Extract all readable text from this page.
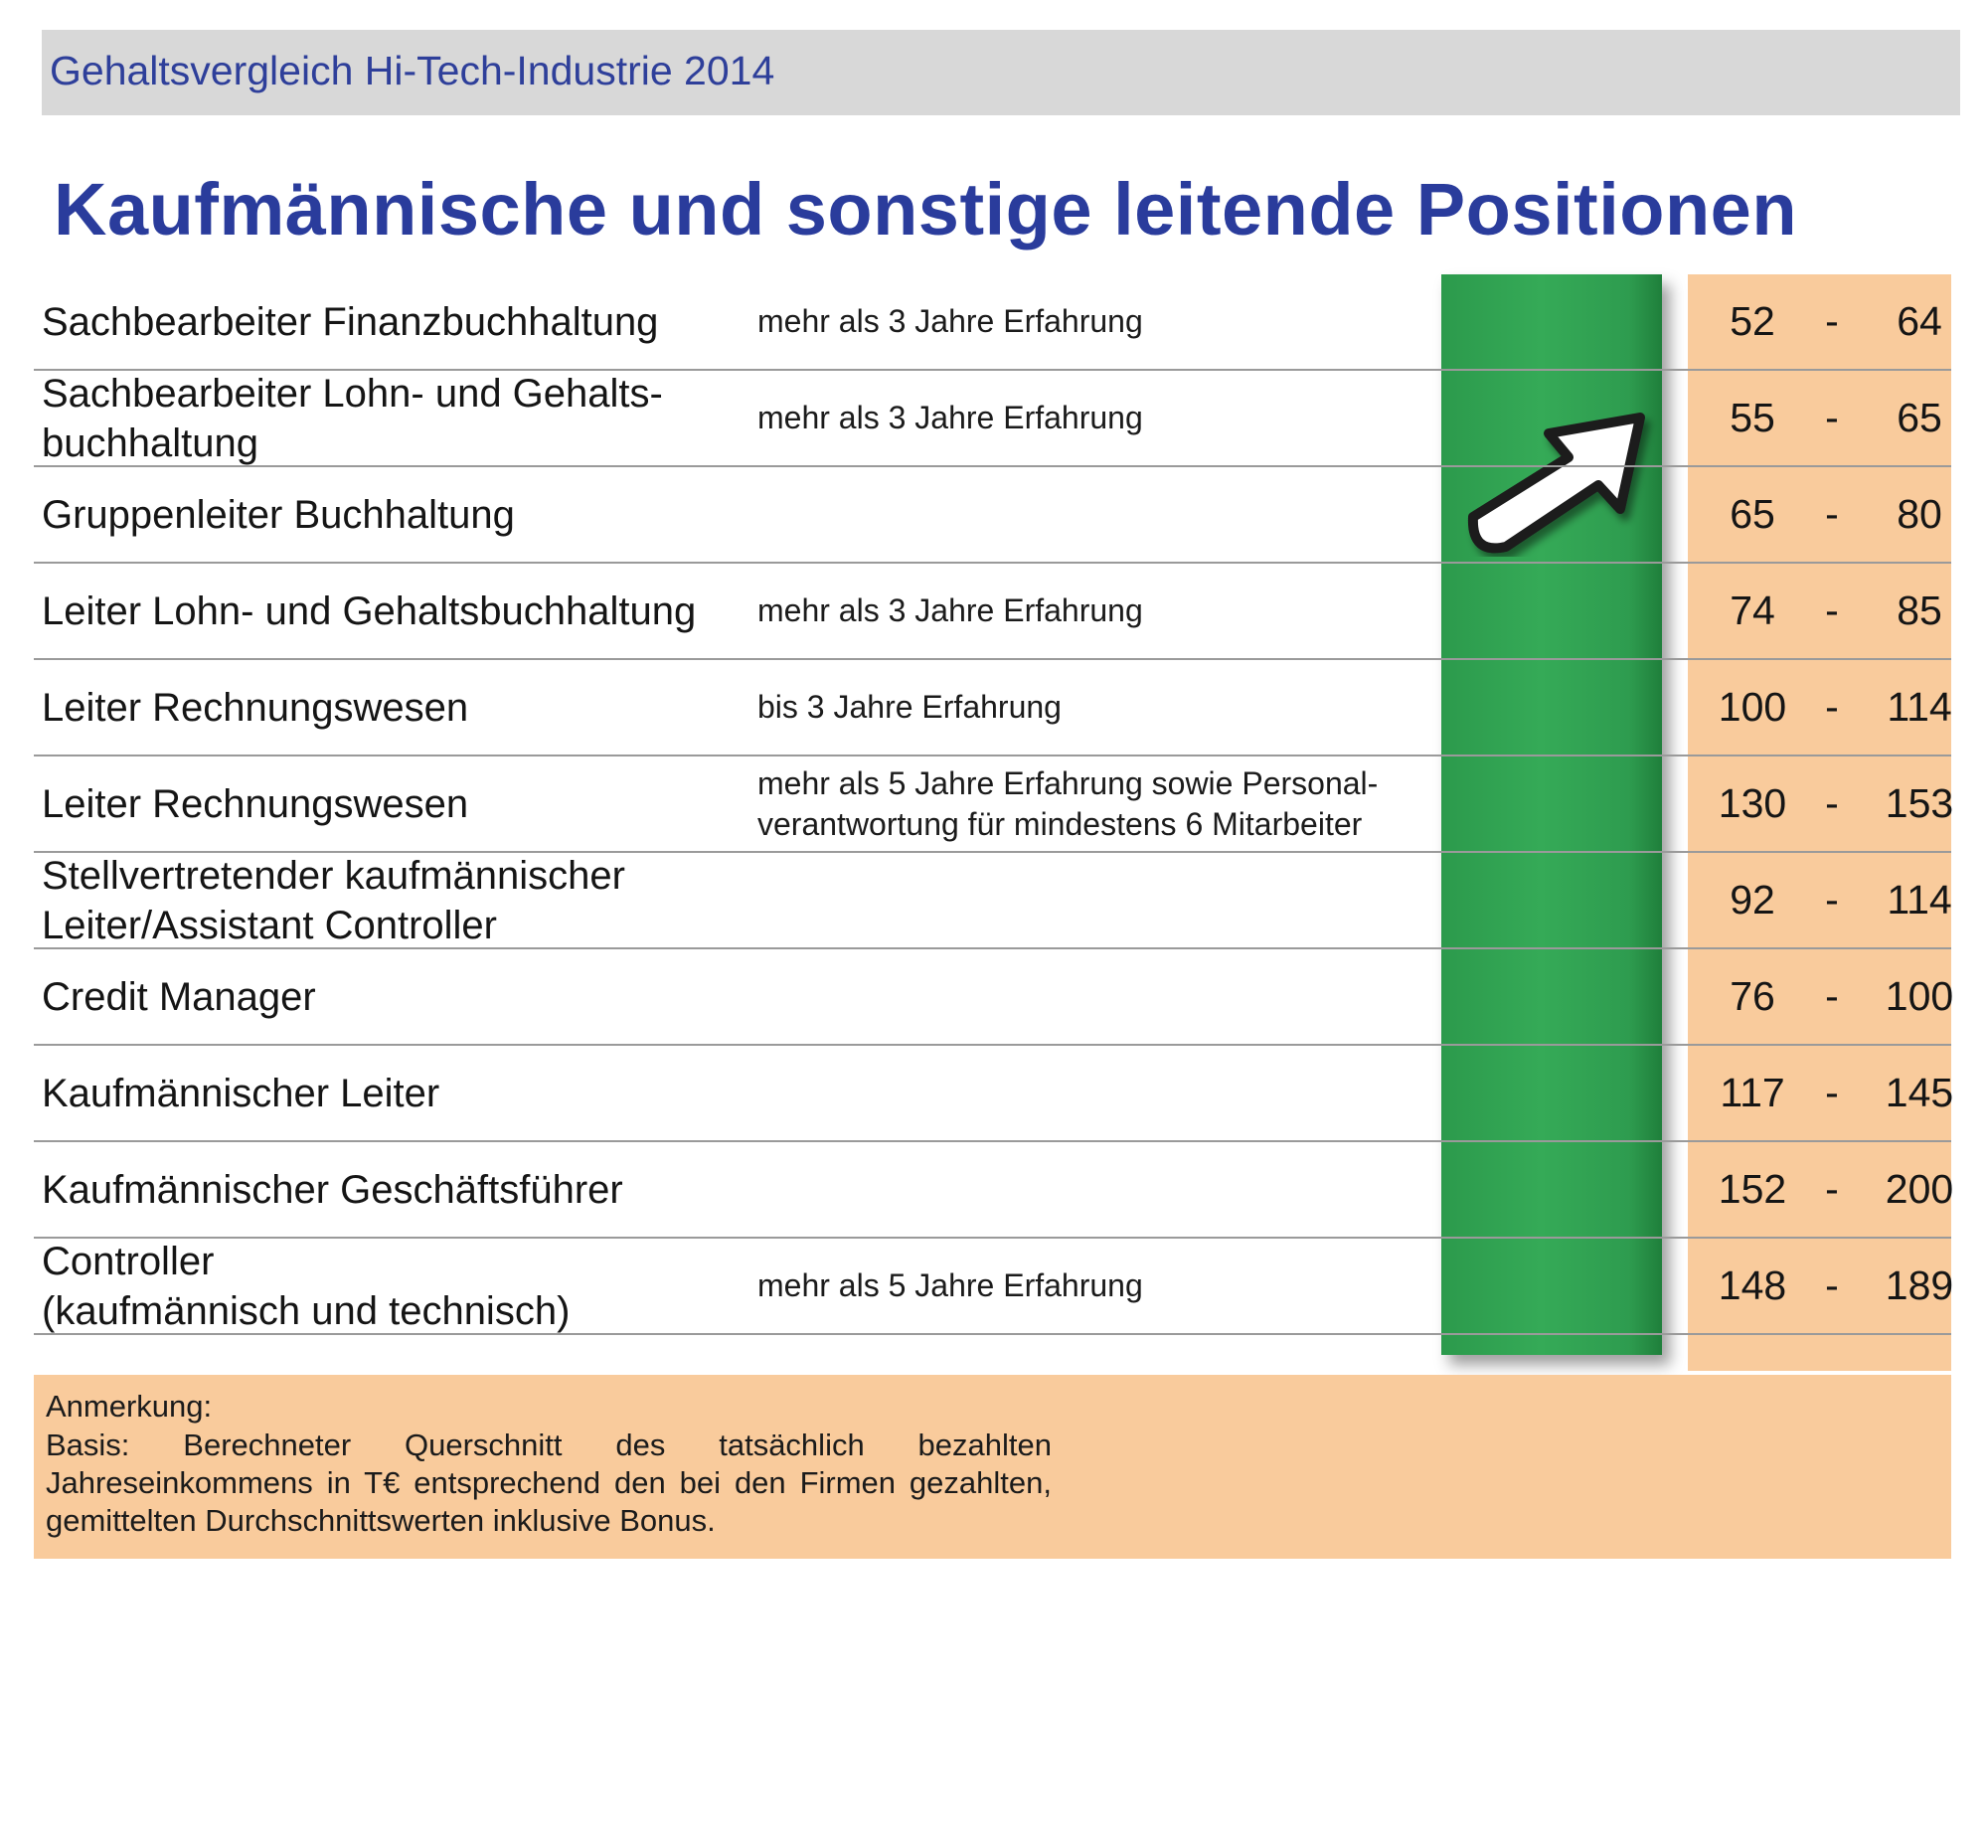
Gehaltsvergleich Hi-Tech-Industrie 2014
Kaufmännische und sonstige leitende Positionen
Sachbearbeiter Finanzbuchhaltung	mehr als 3 Jahre Erfahrung	52 - 64
Sachbearbeiter Lohn- und Gehalts-
buchhaltung
mehr als 3 Jahre Erfahrung	55 - 65
Gruppenleiter Buchhaltung	65 - 80
Leiter Lohn- und Gehaltsbuchhaltung mehr als 3 Jahre Erfahrung	74 - 85
Leiter Rechnungswesen	bis 3 Jahre Erfahrung	100 - 114
Leiter Rechnungswesen	mehr als 5 Jahre Erfahrung sowie Personal-
verantwortung für mindestens 6 Mitarbeiter	130 - 153
Stellvertretender kaufmännischer
Leiter/Assistant Controller
92 - 114
Credit Manager	76 - 100
Kaufmännischer Leiter	117 - 145
Kaufmännischer Geschäftsführer	152 - 200
Controller
(kaufmännisch und technisch)
mehr als 5 Jahre Erfahrung	148 - 189
Anmerkung:
Basis: Berechneter Querschnitt des tatsächlich bezahlten Jahreseinkommens in T€ entsprechend den bei den Firmen gezahlten, gemittelten Durchschnittswerten inklusive Bonus.
